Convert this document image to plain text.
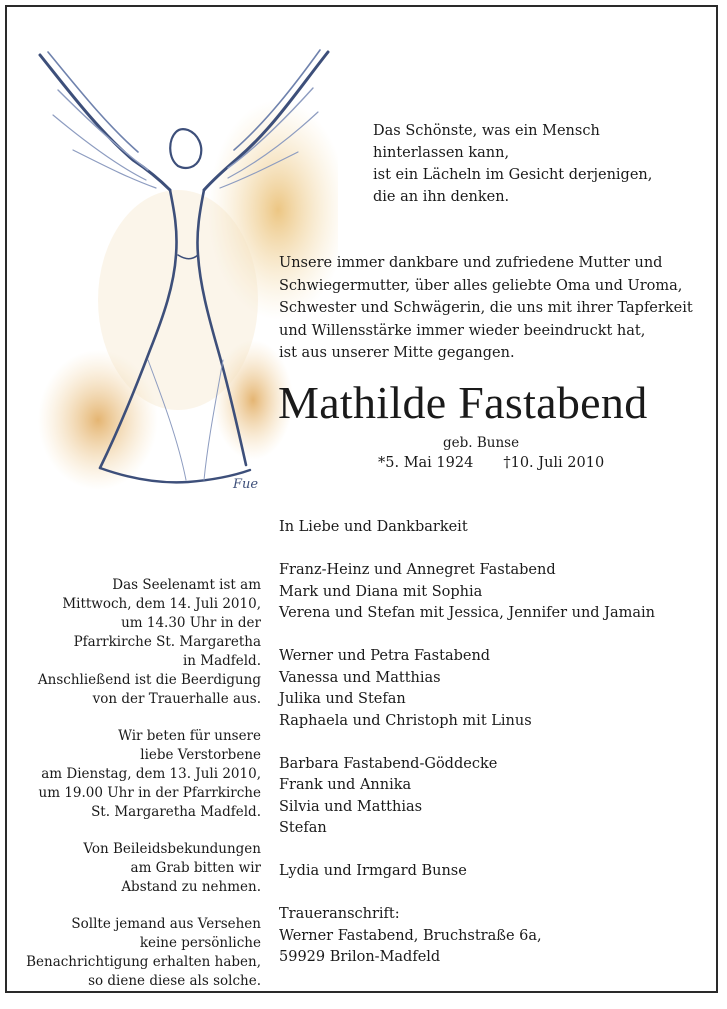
Fue
Das Schönste, was ein Mensch
hinterlassen kann,
ist ein Lächeln im Gesicht derjenigen,
die an ihn denken.
Unsere immer dankbare und zufriedene Mutter und
Schwiegermutter, über alles geliebte Oma und Uroma,
Schwester und Schwägerin, die uns mit ihrer Tapferkeit
und Willensstärke immer wieder beeindruckt hat,
ist aus unserer Mitte gegangen.
Mathilde Fastabend
geb. Bunse
*5. Mai 1924 †10. Juli 2010
Das Seelenamt ist am
Mittwoch, dem 14. Juli 2010,
um 14.30 Uhr in der
Pfarrkirche St. Margaretha
in Madfeld.
Anschließend ist die Beerdigung
von der Trauerhalle aus.
Wir beten für unsere
liebe Verstorbene
am Dienstag, dem 13. Juli 2010,
um 19.00 Uhr in der Pfarrkirche
St. Margaretha Madfeld.
Von Beileidsbekundungen
am Grab bitten wir
Abstand zu nehmen.
Sollte jemand aus Versehen
keine persönliche
Benachrichtigung erhalten haben,
so diene diese als solche.
In Liebe und Dankbarkeit
Franz-Heinz und Annegret Fastabend
Mark und Diana mit Sophia
Verena und Stefan mit Jessica, Jennifer und Jamain
Werner und Petra Fastabend
Vanessa und Matthias
Julika und Stefan
Raphaela und Christoph mit Linus
Barbara Fastabend-Göddecke
Frank und Annika
Silvia und Matthias
Stefan
Lydia und Irmgard Bunse
Traueranschrift:
Werner Fastabend, Bruchstraße 6a,
59929 Brilon-Madfeld
